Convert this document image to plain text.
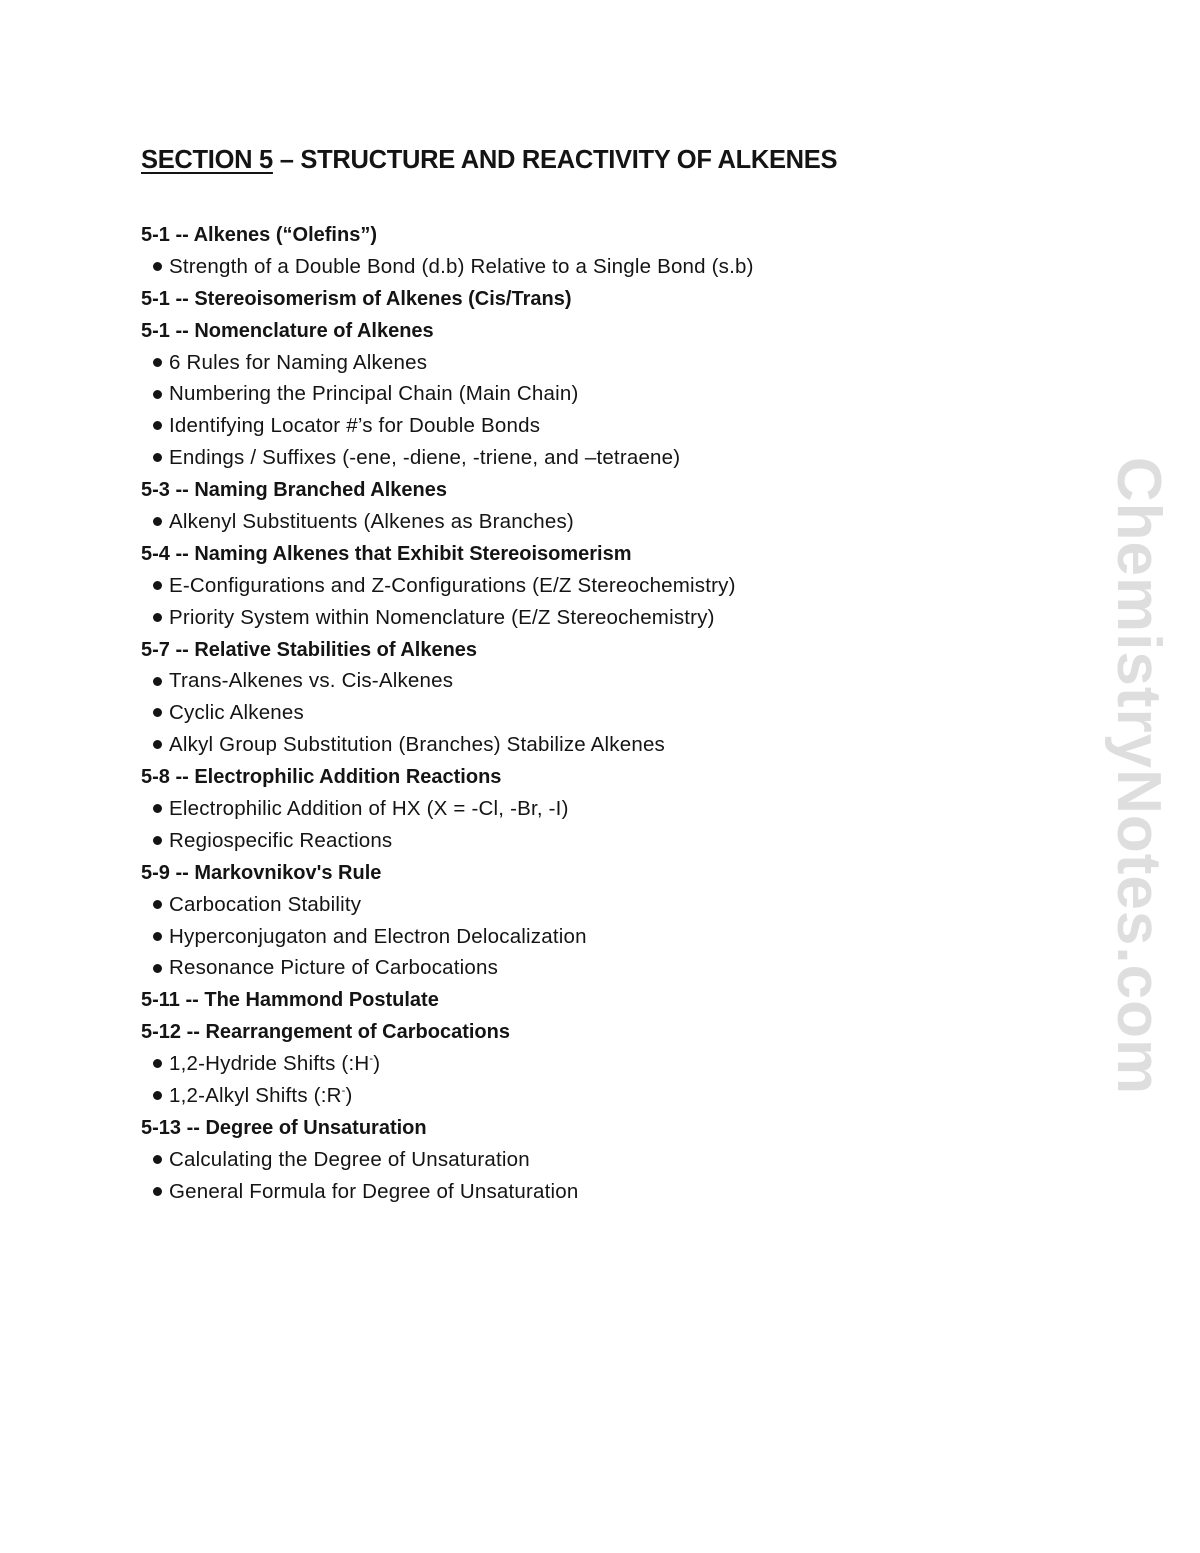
SECTION 5 – STRUCTURE AND REACTIVITY OF ALKENES
5-1 -- Alkenes (“Olefins”)
Strength of a Double Bond (d.b) Relative to a Single Bond (s.b)
5-1 -- Stereoisomerism of Alkenes (Cis/Trans)
5-1 -- Nomenclature of Alkenes
6 Rules for Naming Alkenes
Numbering the Principal Chain (Main Chain)
Identifying Locator #’s for Double Bonds
Endings / Suffixes (-ene, -diene, -triene, and –tetraene)
5-3 -- Naming Branched Alkenes
Alkenyl Substituents (Alkenes as Branches)
5-4 -- Naming Alkenes that Exhibit Stereoisomerism
E-Configurations and Z-Configurations (E/Z Stereochemistry)
Priority System within Nomenclature (E/Z Stereochemistry)
5-7 -- Relative Stabilities of Alkenes
Trans-Alkenes vs. Cis-Alkenes
Cyclic Alkenes
Alkyl Group Substitution (Branches) Stabilize Alkenes
5-8 -- Electrophilic Addition Reactions
Electrophilic Addition of HX (X = -Cl, -Br, -I)
Regiospecific Reactions
5-9 -- Markovnikov's Rule
Carbocation Stability
Hyperconjugaton and Electron Delocalization
Resonance Picture of Carbocations
5-11 -- The Hammond Postulate
5-12 -- Rearrangement of Carbocations
1,2-Hydride Shifts (:H-)
1,2-Alkyl Shifts (:R-)
5-13 -- Degree of Unsaturation
Calculating the Degree of Unsaturation
General Formula for Degree of Unsaturation
ChemistryNotes.com
